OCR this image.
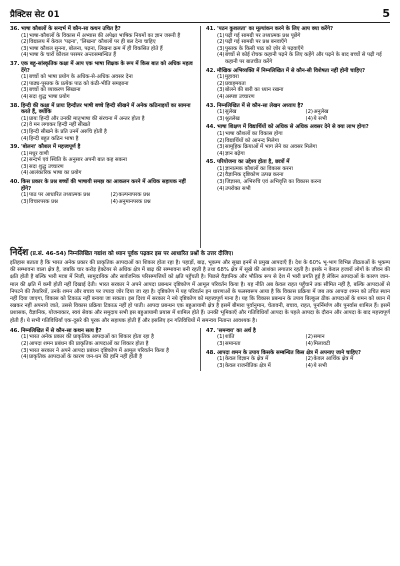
प्रैक्टिस सेट 01	5
36. भाषा कौशलों के सन्दर्भ में कौन-सा कथन उचित है?
(1) भाषा-कौशलों के विकास में अभ्यास की अपेक्षा भाषिक नियमों का ज्ञान जरूरी है
(2) विद्यालय में केवल 'पढ़ना', 'लिखना' कौशलों पर ही बल देना चाहिए
(3) भाषा कौशल सुनना, बोलना, पढ़ना, लिखना क्रम में ही विकसित होते हैं
(4) भाषा के चारों कौशल परस्पर अन्तःसम्बन्धित हैं
37. एक बहु-सांस्कृतिक कक्षा में आप एक भाषा शिक्षक के रूप में किस बात को अधिक महत्व देंगे?
(1) बच्चों को भाषा प्रयोग के अधिक-से-अधिक अवसर देना
(2) पाठ्य-पुस्तक के प्रत्येक पाठ को कंठी-भीति समझाना
(3) बच्चों को व्याकरण सिखाना
(4) सदा शुद्ध भाषा प्रयोग
38. हिन्दी की कक्षा में प्रायः हिन्दीतर भाषी बच्चे हिन्दी सीखने में अनेक कठिनाइयों का सामना करते हैं, क्योंकि
(1) प्रायः हिन्दी और उनकी मातृभाषा की संरचना में अन्तर होता है
(2) वे मन लगाकर हिन्दी नहीं सीखते
(3) हिन्दी सीखने के प्रति उनमें अरुचि होती है
(4) हिन्दी बहुत कठिन भाषा है
39. 'बोलना' कौशल में महत्त्वपूर्ण है
(1) मधुर वाणी
(2) सन्दर्भ एवं स्थिति के अनुसार अपनी बात कह सकना
(3) सदा शुद्ध उच्चारण
(4) आलंकारिक भाषा का प्रयोग
40. किस प्रकार के प्रश्न बच्चों की भाषायी समझ का आकलन करने में अधिक सहायक नहीं होंगे?
(1) पाठ पर आधारित तथ्यात्मक प्रश्न	(2) कल्पनापरक प्रश्न
(3) विचारपरक प्रश्न	(4) अनुमानपरक प्रश्न
41. 'पठन कुशलता' का मूल्यांकन करने के लिए आप क्या करेंगे?
(1) पढ़ी गई सामग्री पर तथ्यात्मक प्रश्न पूछेंगे
(2) पढ़ी गई सामग्री पर प्रश्न बनवाएँगे
(3) पुस्तक के किसी पाठ को ज़ोर से पढ़वाएँगे
(4) बच्चों से कोई रोचक कहानी पढ़ने के लिए कहेंगे और पढ़ने के बाद बच्चों से पढ़ी गई कहानी पर बातचीत करेंगे
42. मौखिक अभिव्यक्ति में निम्नलिखित में से कौन-सी विशेषता नहीं होनी चाहिए?
(1) मुहावरा
(2) प्रवाहमयता
(3) बोलने की बारी का ध्यान रखना
(4) अस्पष्ट उच्चारण
43. निम्नलिखित में से कौन-सा लेखन अध्याय है?
(1) सुलेख	(2) अनुलेख
(3) श्रुतलेख	(4) ये सभी
44. भाषा शिक्षण में विद्यार्थियों को अधिक से अधिक अवसर देने से क्या लाभ होगा?
(1) भाषा कौशलों का विकास होगा
(2) विद्यार्थियों को आनन्द मिलेगा
(3) सामूहिक क्रियाओं में भाग लेने का अवसर मिलेगा
(4) ज्ञान बढ़ेगा
45. परियोजना का उद्देश्य होता है, छात्रों में
(1) ज्ञानात्मक कौशलों का विकास करना
(2) वैज्ञानिक दृष्टिकोण उत्पन्न करना
(3) जिज्ञासा, अभिरुचि एवं अभिवृत्ति का विकास करना
(4) उपरोक्त सभी
निर्देश (प्र.सं. 46-54) निम्नलिखित गद्यांश को ध्यान पूर्वक पढ़कर इस पर आधारित प्रश्नों के उत्तर दीजिए।
इतिहास बताता है कि भारत अनेक प्रकार की प्राकृतिक आपदाओं का शिकार होता रहा है। पहाड़ों, बाढ़, भूकम्प और सूखा इनमें से प्रमुख आपदाएँ हैं। देश के 60% भू-भाग विभिन्न तीव्रताओं के भूकम्प की सम्भावना वाला क्षेत्र है, जबकि चार करोड़ हेक्टेयर से अधिक क्षेत्र में बाढ़ की सम्भावना बनी रहती है तथा 68% क्षेत्र में सूखे की आशंका लगातार रहती है। इसके न केवल हजारों लोगों के जीवन की क्षति होती है बल्कि भारी मात्रा में निजी, सामुदायिक और सार्वजनिक परिसम्पत्तियों को क्षति पहुँचती है। पिछले वैज्ञानिक और भौतिक रूप से देश में भारी प्रगति हुई है लेकिन आपदाओं के कारण जान-माल की क्षति में कमी होती नहीं दिखाई देती। भारत सरकार ने अपने आपदा प्रबन्धन दृष्टिकोण में आमूल परिवर्तन किया है। यह नीति अब केवल राहत पहुँचाने तक सीमित नहीं है, बल्कि आपदाओं से निपटने की तैयारियों, उनके शमन और बचाव पर ज्यादा जोर दिया जा रहा है। दृष्टिकोण में यह परिवर्तन इन धारणाओं के फलस्वरूप आया है कि विकास प्रक्रिया में जब तक आपदा शमन को उचित स्थान नहीं दिया जाएगा, विकास को टिकाऊ नहीं बनाया जा सकता। इस दिशा में सरकार ने नये दृष्टिकोण को महत्त्वपूर्ण माना है। यह कि विकास प्रबन्धन के उपाय बिल्कुल ठीक आपदाओं के शमन को ध्यान में रखकर नहीं अपनाये जाते, उससे विकास प्रक्रिया टिकाऊ नहीं हो पाती। आपदा प्रबन्धन एक बहुआयामी क्षेत्र है इसमें बीमारा पूर्वानुमान, चेतावनी, बचाव, राहत, पुनर्निर्माण और पुनर्वास शामिल हैं। इसमें प्रशासक, वैज्ञानिक, योजनाकार, स्वयं सेवक और समुदाय सभी इस बहुआयामी प्रयास में शामिल होते हैं। उनकी भूमिकाएँ और गतिविधियाँ आपदा के पहले आपदा के दौरान और आपदा के बाद महत्त्वपूर्ण होती हैं। ये सभी गतिविधियाँ एक-दूसरे की पूरक और सहायक होती हैं और इसलिए इन गतिविधियों में समन्वय नितान्त आवश्यक है।
46. निम्नलिखित में से कौन-सा कथन सत्य है?
(1) भारत अनेक प्रकार की प्राकृतिक आपदाओं का शिकार होता रहा है
(2) आपदा शमन प्रबंधन की प्राकृतिक आपदाओं का शिकार होता है
(3) भारत सरकार ने अपने आपदा प्रबंधन दृष्टिकोण में आमूल परिवर्तन किया है
(4) प्राकृतिक आपदाओं के कारण जन-धन की हानि नहीं होती है
47. 'समन्वय' का अर्थ है
(1) शांति	(2) समान
(3) समानता	(4) मिलावटी
48. आपदा शमन के उपाय किसके सम्बन्धित किस क्षेत्र में अपनाए जाने चाहिए?
(1) केवल विज्ञान के क्षेत्र में	(2) केवल आर्थिक क्षेत्र में
(3) केवल राजनीतिक क्षेत्र में	(4) ये सभी
